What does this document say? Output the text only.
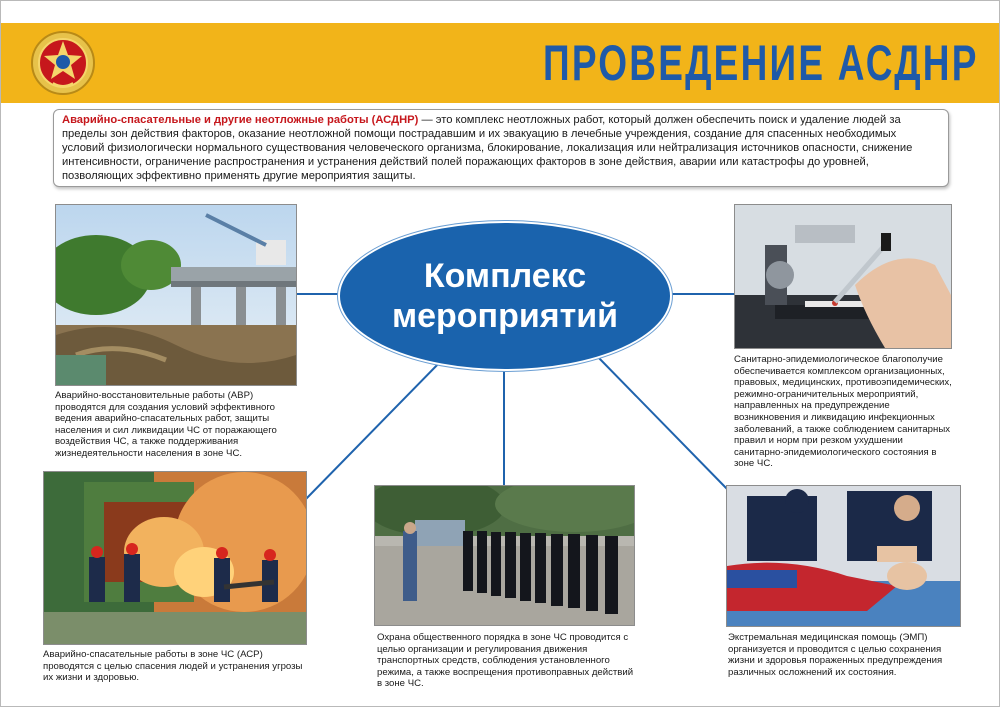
ПРОВЕДЕНИЕ АСДНР
Аварийно-спасательные и другие неотложные работы (АСДНР) — это комплекс неотложных работ, который должен обеспечить поиск и удаление людей за пределы зон действия факторов, оказание неотложной помощи пострадавшим и их эвакуацию в лечебные учреждения, создание для спасенных необходимых условий физиологически нормального существования человеческого организма, блокирование, локализация или нейтрализация источников опасности, снижение интенсивности, ограничение распространения и устранения действий полей поражающих факторов в зоне действия, аварии или катастрофы до уровней, позволяющих эффективно применять другие мероприятия защиты.
Комплекс
мероприятий
Аварийно-восстановительные работы (АВР) проводятся для создания условий эффективного ведения аварийно-спасательных работ, защиты населения и сил ликвидации ЧС от поражающего воздействия ЧС, а также поддерживания жизнедеятельности населения в зоне ЧС.
Аварийно-спасательные работы в зоне ЧС (АСР) проводятся с целью спасения людей и устранения угрозы их жизни и здоровью.
Охрана общественного порядка в зоне ЧС проводится с целью организации и регулирования движения транспортных средств, соблюдения установленного режима, а также воспрещения противоправных действий в зоне ЧС.
Санитарно-эпидемиологическое благополучие обеспечивается комплексом организационных, правовых, медицинских, противоэпидемических, режимно-ограничительных мероприятий, направленных на предупреждение возникновения и ликвидацию инфекционных заболеваний, а также соблюдением санитарных правил и норм при резком ухудшении санитарно-эпидемиологического состояния в зоне ЧС.
Экстремальная медицинская помощь (ЭМП) организуется и проводится с целью сохранения жизни и здоровья пораженных предупреждения различных осложнений их состояния.
